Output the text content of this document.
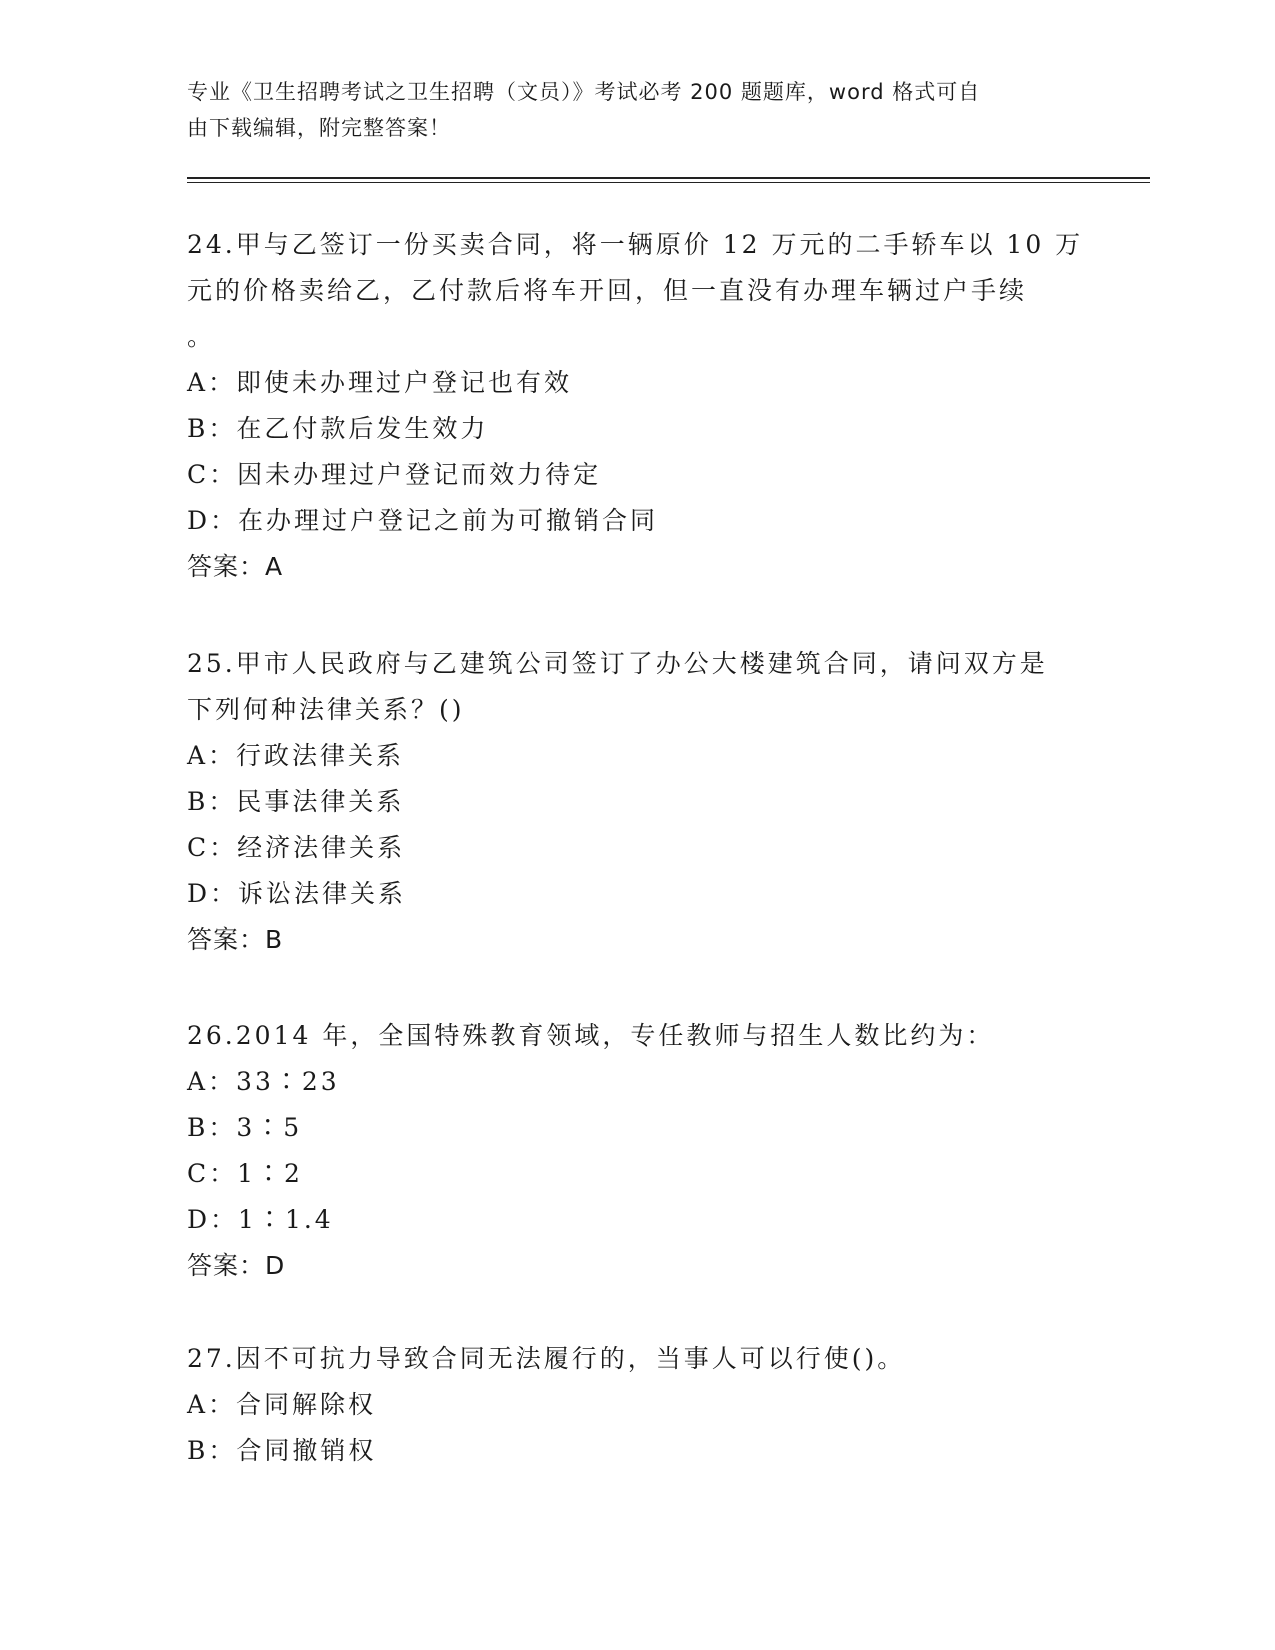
专业《卫生招聘考试之卫生招聘（文员）》考试必考 200 题题库，word 格式可自
由下载编辑，附完整答案！
24.甲与乙签订一份买卖合同，将一辆原价 12 万元的二手轿车以 10 万
元的价格卖给乙，乙付款后将车开回，但一直没有办理车辆过户手续
。
A：即使未办理过户登记也有效
B：在乙付款后发生效力
C：因未办理过户登记而效力待定
D：在办理过户登记之前为可撤销合同
答案：A
25.甲市人民政府与乙建筑公司签订了办公大楼建筑合同，请问双方是
下列何种法律关系？()
A：行政法律关系
B：民事法律关系
C：经济法律关系
D：诉讼法律关系
答案：B
26.2014 年，全国特殊教育领域，专任教师与招生人数比约为：
A：33∶23
B：3∶5
C：1∶2
D：1∶1.4
答案：D
27.因不可抗力导致合同无法履行的，当事人可以行使()。
A：合同解除权
B：合同撤销权
